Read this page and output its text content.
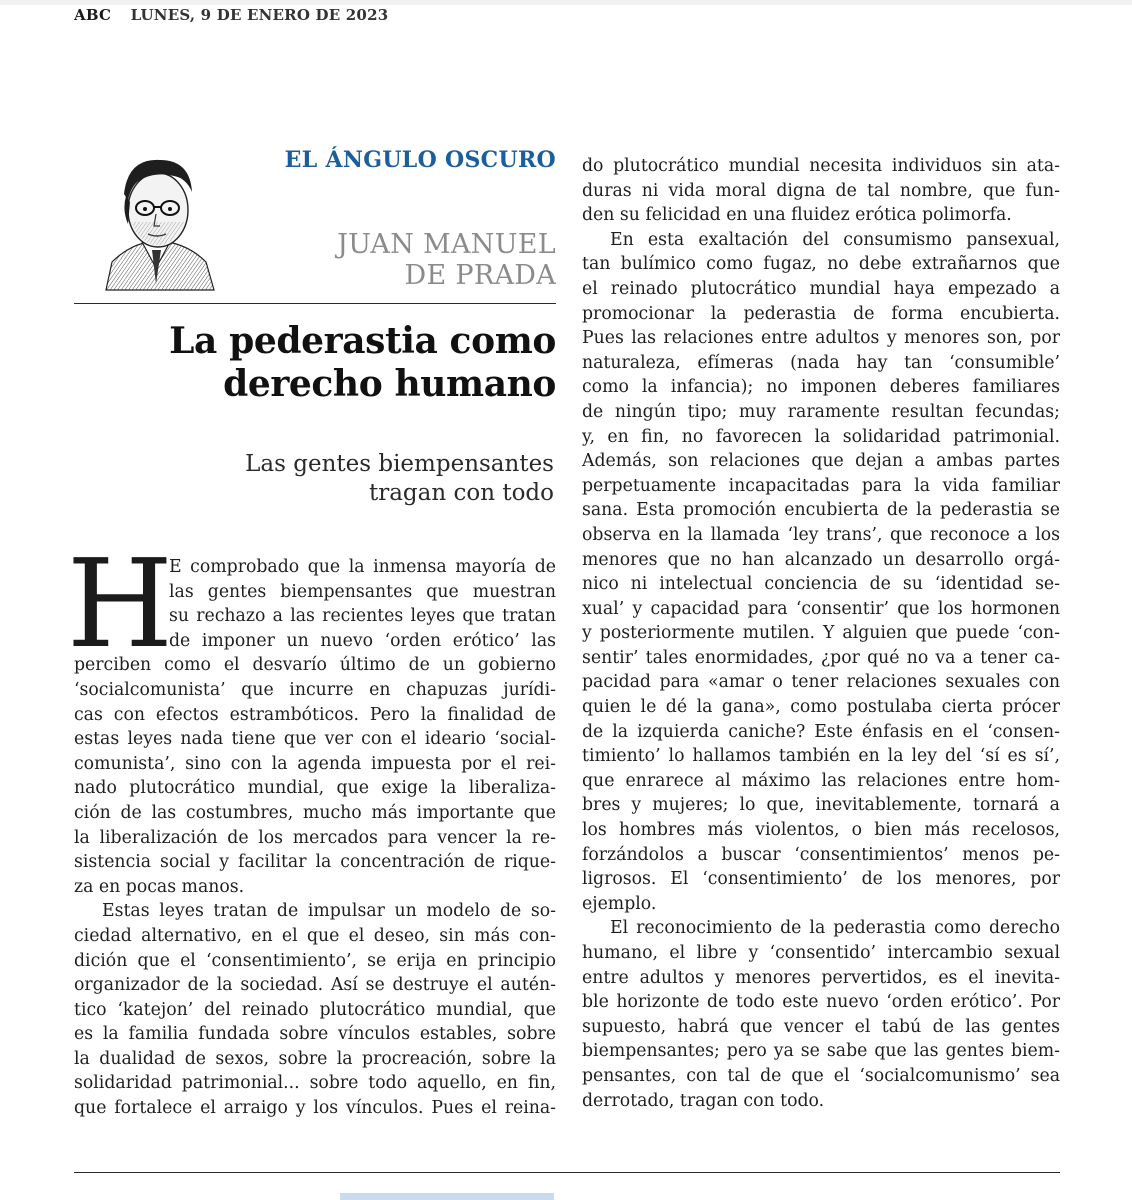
ABC LUNES, 9 DE ENERO DE 2023
EL ÁNGULO OSCURO
JUAN MANUEL
DE PRADA
La pederastia como
derecho humano
Las gentes biempensantes
tragan con todo
H
E comprobado que la inmensa mayoría de
las gentes biempensantes que muestran
su rechazo a las recientes leyes que tratan
de imponer un nuevo ‘orden erótico’ las
perciben como el desvarío último de un gobierno
‘socialcomunista’ que incurre en chapuzas jurídi-
cas con efectos estrambóticos. Pero la finalidad de
estas leyes nada tiene que ver con el ideario ‘social-
comunista’, sino con la agenda impuesta por el rei-
nado plutocrático mundial, que exige la liberaliza-
ción de las costumbres, mucho más importante que
la liberalización de los mercados para vencer la re-
sistencia social y facilitar la concentración de rique-
za en pocas manos.
Estas leyes tratan de impulsar un modelo de so-
ciedad alternativo, en el que el deseo, sin más con-
dición que el ‘consentimiento’, se erija en principio
organizador de la sociedad. Así se destruye el autén-
tico ‘katejon’ del reinado plutocrático mundial, que
es la familia fundada sobre vínculos estables, sobre
la dualidad de sexos, sobre la procreación, sobre la
solidaridad patrimonial... sobre todo aquello, en fin,
que fortalece el arraigo y los vínculos. Pues el reina-
do plutocrático mundial necesita individuos sin ata-
duras ni vida moral digna de tal nombre, que fun-
den su felicidad en una fluidez erótica polimorfa.
En esta exaltación del consumismo pansexual,
tan bulímico como fugaz, no debe extrañarnos que
el reinado plutocrático mundial haya empezado a
promocionar la pederastia de forma encubierta.
Pues las relaciones entre adultos y menores son, por
naturaleza, efímeras (nada hay tan ‘consumible’
como la infancia); no imponen deberes familiares
de ningún tipo; muy raramente resultan fecundas;
y, en fin, no favorecen la solidaridad patrimonial.
Además, son relaciones que dejan a ambas partes
perpetuamente incapacitadas para la vida familiar
sana. Esta promoción encubierta de la pederastia se
observa en la llamada ‘ley trans’, que reconoce a los
menores que no han alcanzado un desarrollo orgá-
nico ni intelectual conciencia de su ‘identidad se-
xual’ y capacidad para ‘consentir’ que los hormonen
y posteriormente mutilen. Y alguien que puede ‘con-
sentir’ tales enormidades, ¿por qué no va a tener ca-
pacidad para «amar o tener relaciones sexuales con
quien le dé la gana», como postulaba cierta prócer
de la izquierda caniche? Este énfasis en el ‘consen-
timiento’ lo hallamos también en la ley del ‘sí es sí’,
que enrarece al máximo las relaciones entre hom-
bres y mujeres; lo que, inevitablemente, tornará a
los hombres más violentos, o bien más recelosos,
forzándolos a buscar ‘consentimientos’ menos pe-
ligrosos. El ‘consentimiento’ de los menores, por
ejemplo.
El reconocimiento de la pederastia como derecho
humano, el libre y ‘consentido’ intercambio sexual
entre adultos y menores pervertidos, es el inevita-
ble horizonte de todo este nuevo ‘orden erótico’. Por
supuesto, habrá que vencer el tabú de las gentes
biempensantes; pero ya se sabe que las gentes biem-
pensantes, con tal de que el ‘socialcomunismo’ sea
derrotado, tragan con todo.
